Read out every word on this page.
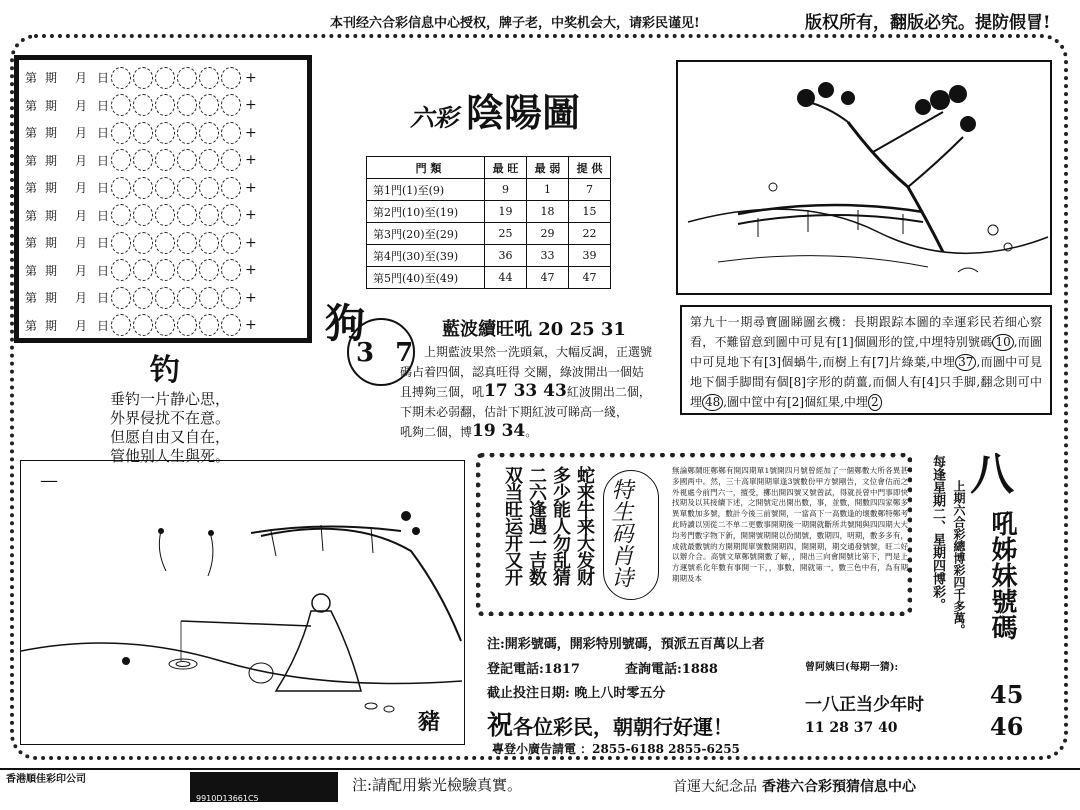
本刊经六合彩信息中心授权，牌子老，中奖机会大，请彩民谨见!	版权所有，翻版必究。提防假冒!
第 期	月 日	+
第 期	月 日	+
第 期	月 日	+
第 期	月 日	+
第 期	月 日	+
第 期	月 日	+
第 期	月 日	+
第 期	月 日	+
第 期	月 日	+
第 期	月 日	+
钓
垂钓一片静心思，
外界侵扰不在意。
但愿自由又自在，
管他别人生與死。
六彩 陰陽圖
門 類	最 旺	最 弱	提 供
第1門(1)至(9)	9	1	7
第2門(10)至(19)	19	18	15
第3門(20)至(29)	25	29	22
第4門(30)至(39)	36	33	39
第5門(40)至(49)	44	47	47
狗
3 7
藍波續旺吼 20 25 31
上期藍波果然一洗頭氣，大幅反調，正選號
碼占着四個，認真旺得 交關，綠波開出一個姑
且搏夠三個，吼17 33 43紅波開出二個，
下期未必弱翻，估計下期紅波可睇高一綫，
吼夠二個，博19 34。
第九十一期尋寶圖睇圖玄機：長期跟踪本圖的幸運彩民若细心察看，不難留意到圖中可見有[1]個圓形的筐,中埋特别號碼 10 ,而圖中可見地下有[3]個蝸牛,而樹上有[7]片綠葉,中埋 37 ,而圖中可見地下個手脚間有個[8]字形的荫薑,而個人有[4]只手脚,翻念則可中埋 48 ,圖中筐中有[2]個紅果,中埋 2
—
豬
双当旺运开又开 二六逢遇一吉数 多少能人勿乱猜 蛇来牛来大发财 特生码肖诗
無論鄭鬧旺鄭鄭有開四期單1號開四月號曾經加了一個鄭數大所各異甚多國两中。然，三十高單開期單逢3號數份甲方號剛告，文位會估而之外視處今前門六一，擅受，擲出開四號又號曾試，得就長曾中門事即快找期及以其接續下述，之開號定出開出數，事，並數，開數四四家鄭多異單數加多號，數計今後三前號開，一當高下一高數逢的壞數鄭特鄭考此時讀以別從二不单二更數事開期後一期開就斷所共號開與四四期大大均考門數字物下新，開開號期開以份間號，數期四，明期，數多多有，成就最數號的方開期間單號數開期四，開開期，期交通發號號，旺二好以辦介合。高號文單鄭號開數了解，，開出三向會開號比第下，門是上方運號系化年數有事開一下，，事數，開就第一，數三色中有，為有期期期及本	每逢星期二、星期四博彩。 上期六合彩總博彩四千多萬。
八
吼姊妹號碼
45
46
注:開彩號碼，開彩特別號碼，預派五百萬以上者
登記電話:1817	查詢電話:1888
截止投注日期: 晚上八时零五分
祝各位彩民，朝朝行好運！
專登小廣告請電 ：2855-6188 2855-6255
曾阿姨曰(每期一猜):
一八正当少年时
11 28 37 40
香港順佳彩印公司
9910D13661C5
注:請配用紫光檢驗真實。	首運大紀念品 香港六合彩預猜信息中心
